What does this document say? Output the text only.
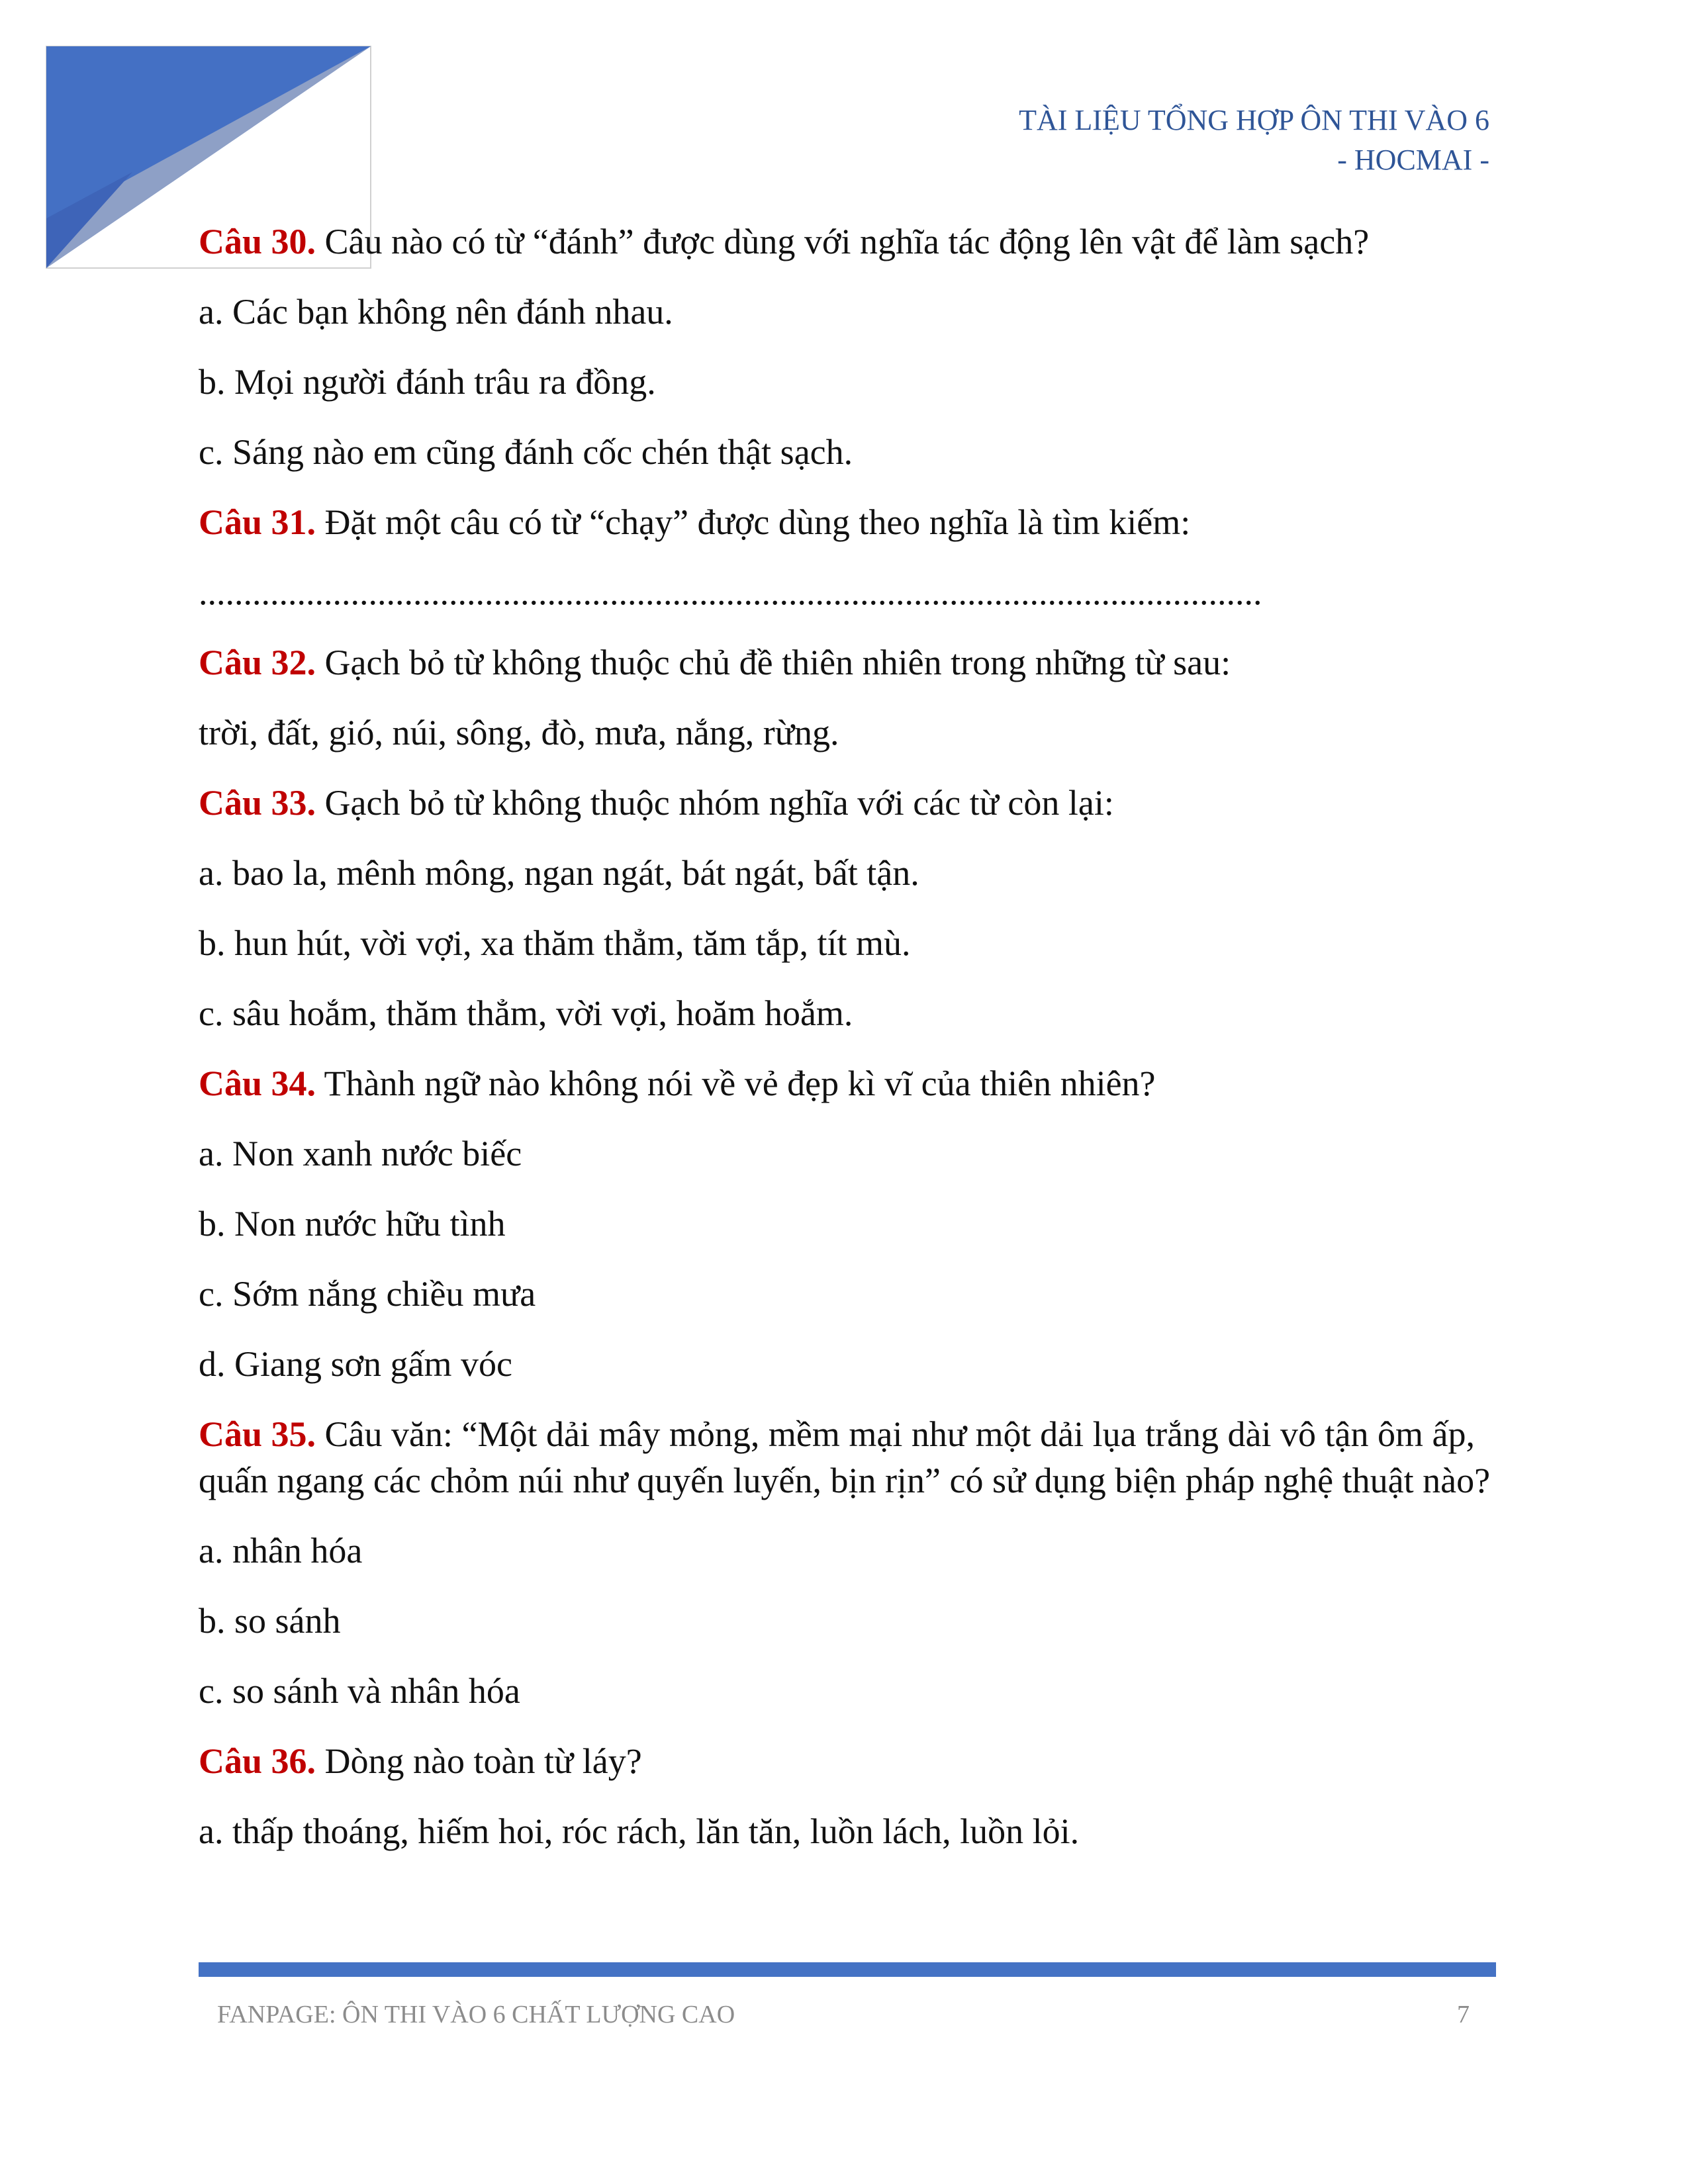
TÀI LIỆU TỔNG HỢP ÔN THI VÀO 6
- HOCMAI -

Câu 30. Câu nào có từ “đánh” được dùng với nghĩa tác động lên vật để làm sạch?

a. Các bạn không nên đánh nhau.

b. Mọi người đánh trâu ra đồng.

c. Sáng nào em cũng đánh cốc chén thật sạch.

Câu 31. Đặt một câu có từ “chạy” được dùng theo nghĩa là tìm kiếm:

.......................................................................................................................

Câu 32. Gạch bỏ từ không thuộc chủ đề thiên nhiên trong những từ sau:

trời, đất, gió, núi, sông, đò, mưa, nắng, rừng.

Câu 33. Gạch bỏ từ không thuộc nhóm nghĩa với các từ còn lại:

a. bao la, mênh mông, ngan ngát, bát ngát, bất tận.

b. hun hút, vời vợi, xa thăm thẳm, tăm tắp, tít mù.

c. sâu hoắm, thăm thẳm, vời vợi, hoăm hoắm.

Câu 34. Thành ngữ nào không nói về vẻ đẹp kì vĩ của thiên nhiên?

a. Non xanh nước biếc

b. Non nước hữu tình

c. Sớm nắng chiều mưa

d. Giang sơn gấm vóc

Câu 35. Câu văn: “Một dải mây mỏng, mềm mại như một dải lụa trắng dài vô tận ôm ấp, quấn ngang các chỏm núi như quyến luyến, bịn rịn” có sử dụng biện pháp nghệ thuật nào?

a. nhân hóa

b. so sánh

c. so sánh và nhân hóa

Câu 36. Dòng nào toàn từ láy?

a. thấp thoáng, hiếm hoi, róc rách, lăn tăn, luồn lách, luồn lỏi.

FANPAGE: ÔN THI VÀO 6 CHẤT LƯỢNG CAO	7
